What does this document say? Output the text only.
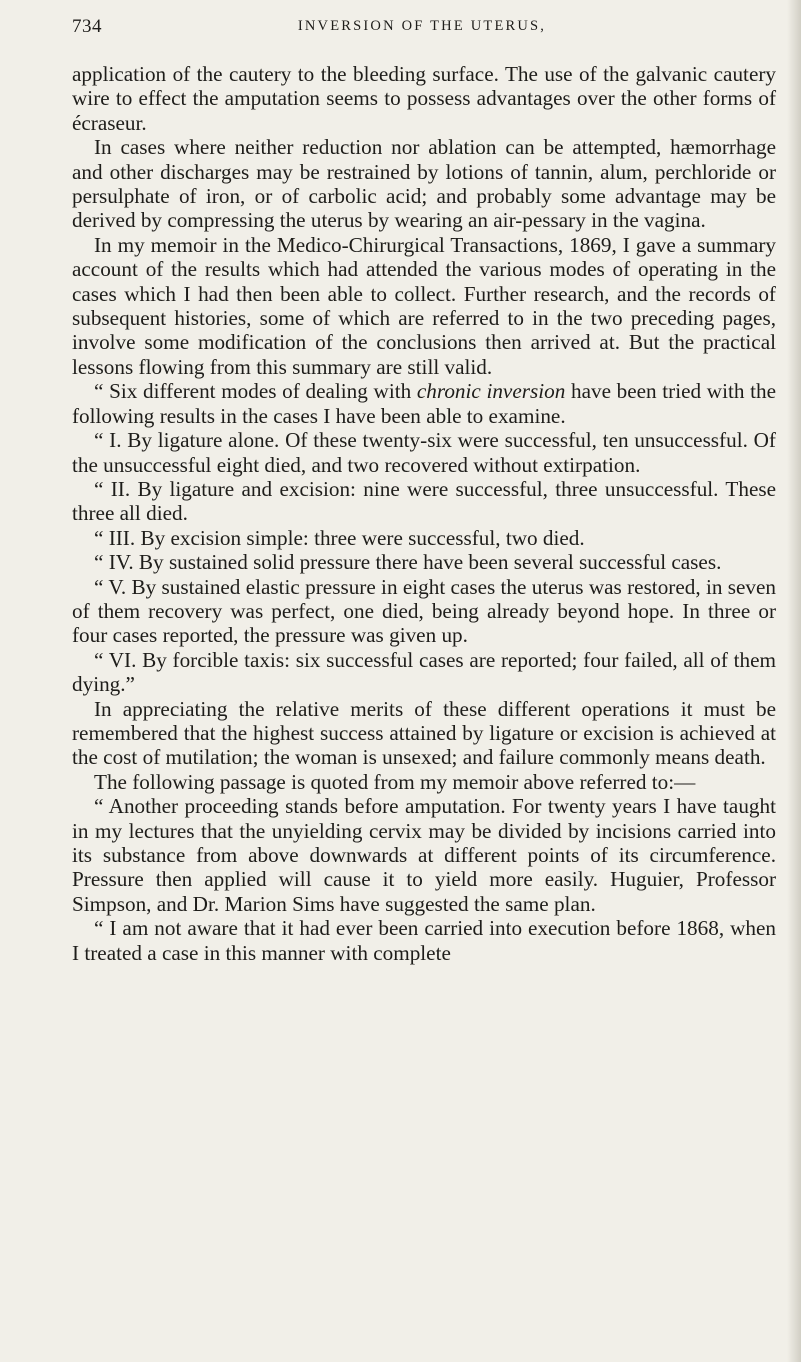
734	INVERSION OF THE UTERUS,

application of the cautery to the bleeding surface. The use of the galvanic cautery wire to effect the amputation seems to possess advantages over the other forms of écraseur.

In cases where neither reduction nor ablation can be attempted, hæmorrhage and other discharges may be restrained by lotions of tannin, alum, perchloride or persulphate of iron, or of carbolic acid; and probably some advantage may be derived by compressing the uterus by wearing an air-pessary in the vagina.

In my memoir in the Medico-Chirurgical Transactions, 1869, I gave a summary account of the results which had attended the various modes of operating in the cases which I had then been able to collect. Further research, and the records of subsequent histories, some of which are referred to in the two preceding pages, involve some modification of the conclusions then arrived at. But the practical lessons flowing from this summary are still valid.

“ Six different modes of dealing with chronic inversion have been tried with the following results in the cases I have been able to examine.

“ I. By ligature alone. Of these twenty-six were successful, ten unsuccessful. Of the unsuccessful eight died, and two recovered without extirpation.

“ II. By ligature and excision: nine were successful, three unsuccessful. These three all died.

“ III. By excision simple: three were successful, two died.

“ IV. By sustained solid pressure there have been several successful cases.

“ V. By sustained elastic pressure in eight cases the uterus was restored, in seven of them recovery was perfect, one died, being already beyond hope. In three or four cases reported, the pressure was given up.

“ VI. By forcible taxis: six successful cases are reported; four failed, all of them dying.”

In appreciating the relative merits of these different operations it must be remembered that the highest success attained by ligature or excision is achieved at the cost of mutilation; the woman is unsexed; and failure commonly means death.

The following passage is quoted from my memoir above referred to:—

“ Another proceeding stands before amputation. For twenty years I have taught in my lectures that the unyielding cervix may be divided by incisions carried into its substance from above downwards at different points of its circumference. Pressure then applied will cause it to yield more easily. Huguier, Professor Simpson, and Dr. Marion Sims have suggested the same plan.

“ I am not aware that it had ever been carried into execution before 1868, when I treated a case in this manner with complete
